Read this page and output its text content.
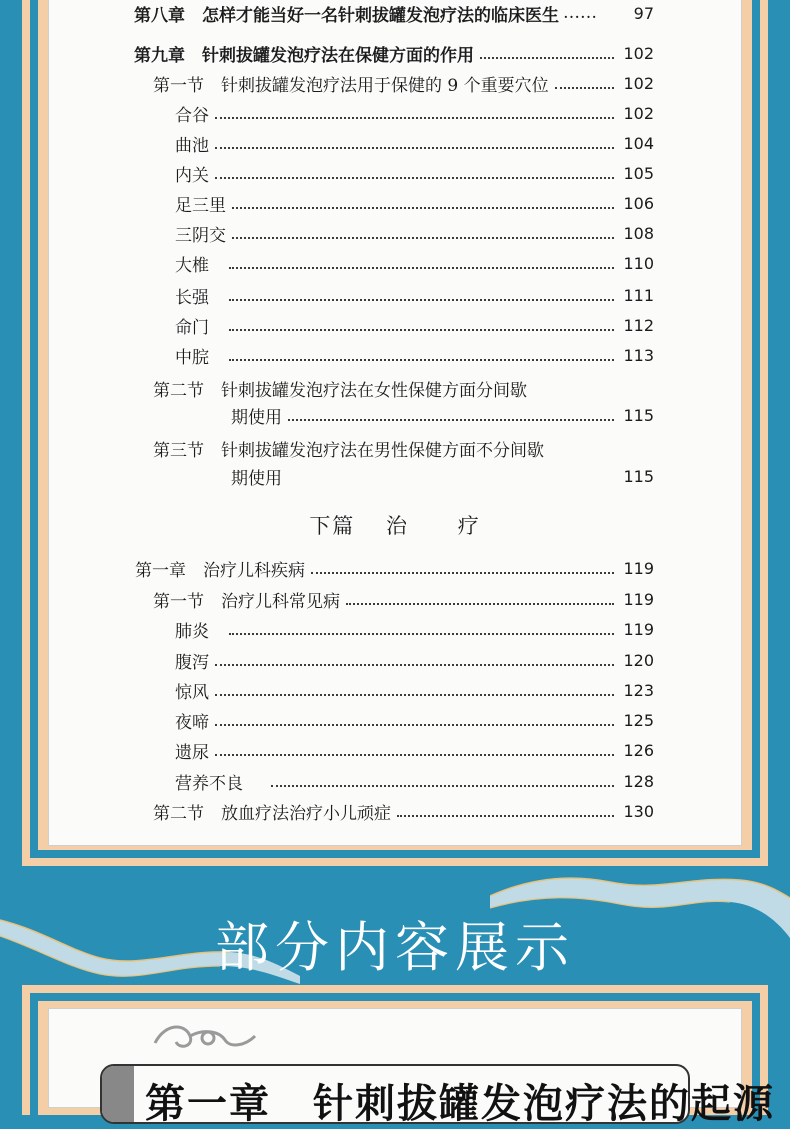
第八章　怎样才能当好一名针刺拔罐发泡疗法的临床医生 ……	97
第九章　针刺拔罐发泡疗法在保健方面的作用	102
第一节　针刺拔罐发泡疗法用于保健的 9 个重要穴位	102
合谷	102
曲池	104
内关	105
足三里	106
三阴交	108
大椎	110
长强	111
命门	112
中脘	113
第二节　针刺拔罐发泡疗法在女性保健方面分间歇
期使用	115
第三节　针刺拔罐发泡疗法在男性保健方面不分间歇
期使用	115
下篇 治 疗
第一章　治疗儿科疾病	119
第一节　治疗儿科常见病	119
肺炎	119
腹泻	120
惊风	123
夜啼	125
遗尿	126
营养不良	128
第二节　放血疗法治疗小儿顽症	130
部分内容展示
第一章　针刺拔罐发泡疗法的起源
